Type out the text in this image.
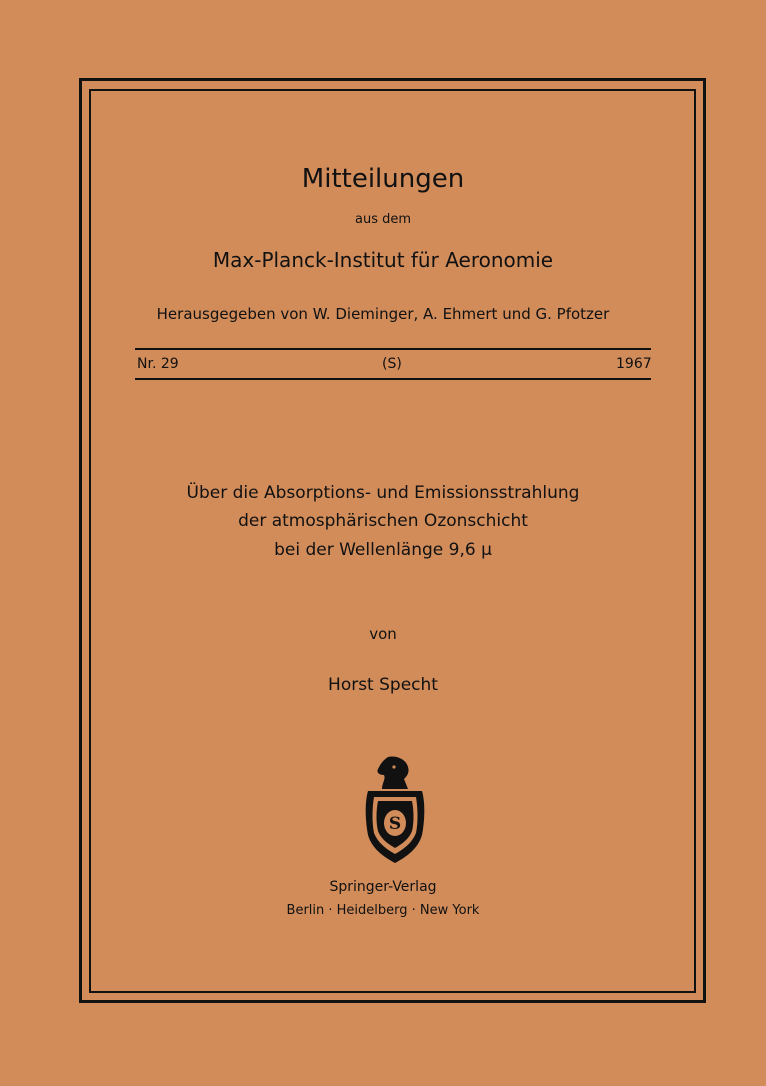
Mitteilungen
aus dem
Max-Planck-Institut für Aeronomie
Herausgegeben von W. Dieminger, A. Ehmert und G. Pfotzer
Nr. 29	(S)	1967
Über die Absorptions- und Emissionsstrahlung
der atmosphärischen Ozonschicht
bei der Wellenlänge 9,6 μ
von
Horst Specht
S
Springer-Verlag
Berlin · Heidelberg · New York
